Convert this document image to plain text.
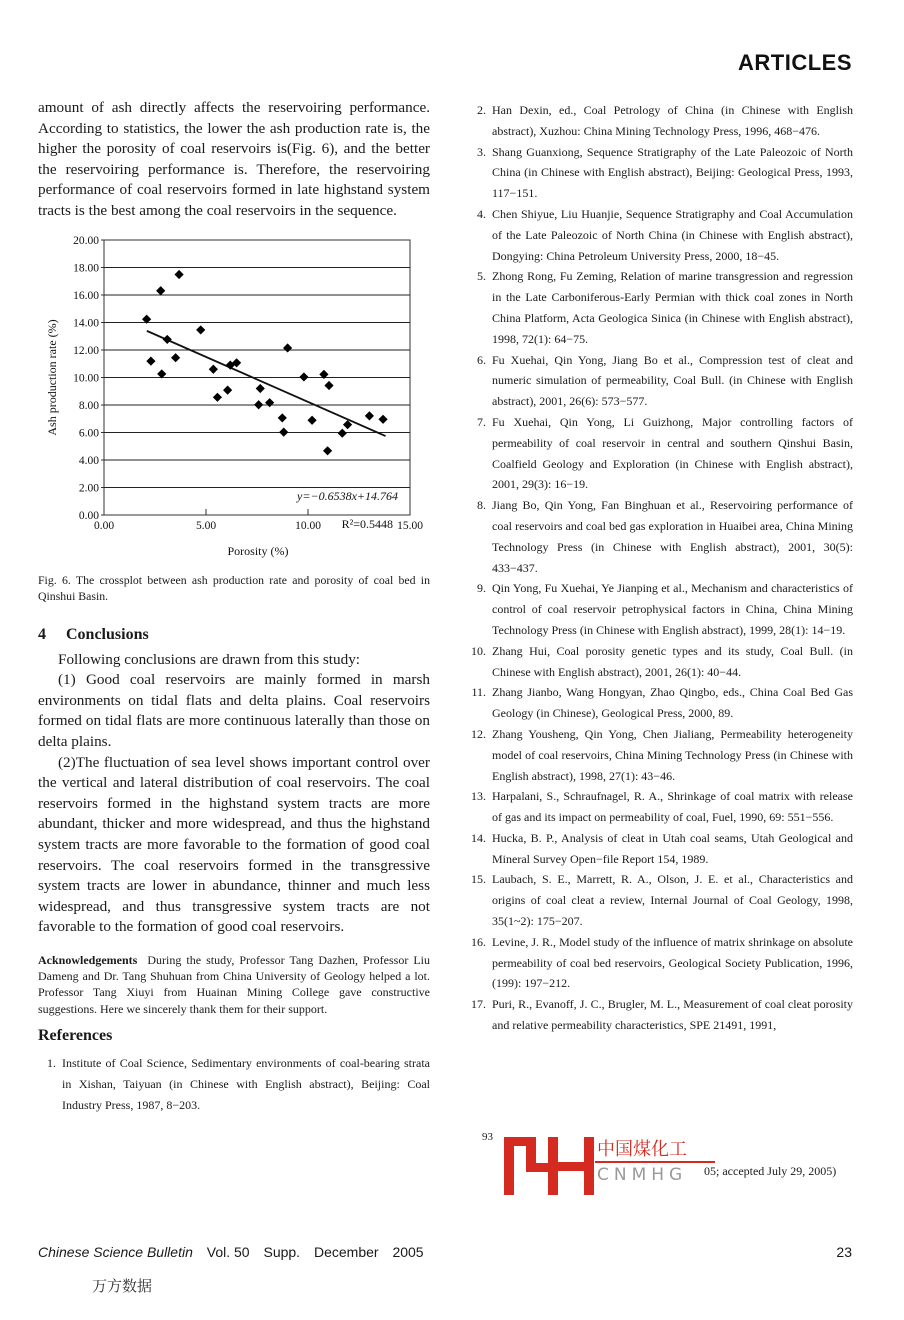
ARTICLES

amount of ash directly affects the reservoiring performance. According to statistics, the lower the ash production rate is, the higher the porosity of coal reservoirs is(Fig. 6), and the better the reservoiring performance is. Therefore, the reservoiring performance of coal reservoirs formed in late highstand system tracts is the best among the coal reservoirs in the sequence.

0.00
2.00
4.00
6.00
8.00
10.00
12.00
14.00
16.00
18.00
20.00
0.00	5.00	10.00	15.00
y=−0.6538x+14.764
R²=0.5448
Porosity (%)
Ash production rate (%)

Fig. 6. The crossplot between ash production rate and porosity of coal bed in Qinshui Basin.

4 Conclusions

Following conclusions are drawn from this study:

(1) Good coal reservoirs are mainly formed in marsh environments on tidal flats and delta plains. Coal reservoirs formed on tidal flats are more continuous laterally than those on delta plains.

(2)The fluctuation of sea level shows important control over the vertical and lateral distribution of coal reservoirs. The coal reservoirs formed in the highstand system tracts are more abundant, thicker and more widespread, and thus the highstand system tracts are more favorable to the formation of good coal reservoirs. The coal reservoirs formed in the transgressive system tracts are lower in abundance, thinner and much less widespread, and thus transgressive system tracts are not favorable to the formation of good coal reservoirs.

Acknowledgements During the study, Professor Tang Dazhen, Professor Liu Dameng and Dr. Tang Shuhuan from China University of Geology helped a lot. Professor Tang Xiuyi from Huainan Mining College gave constructive suggestions. Here we sincerely thank them for their support.

References
1. Institute of Coal Science, Sedimentary environments of coal-bearing strata in Xishan, Taiyuan (in Chinese with English abstract), Beijing: Coal Industry Press, 1987, 8−203.
2. Han Dexin, ed., Coal Petrology of China (in Chinese with English abstract), Xuzhou: China Mining Technology Press, 1996, 468−476.
3. Shang Guanxiong, Sequence Stratigraphy of the Late Paleozoic of North China (in Chinese with English abstract), Beijing: Geological Press, 1993, 117−151.
4. Chen Shiyue, Liu Huanjie, Sequence Stratigraphy and Coal Accumulation of the Late Paleozoic of North China (in Chinese with English abstract), Dongying: China Petroleum University Press, 2000, 18−45.
5. Zhong Rong, Fu Zeming, Relation of marine transgression and regression in the Late Carboniferous-Early Permian with thick coal zones in North China Platform, Acta Geologica Sinica (in Chinese with English abstract), 1998, 72(1): 64−75.
6. Fu Xuehai, Qin Yong, Jiang Bo et al., Compression test of cleat and numeric simulation of permeability, Coal Bull. (in Chinese with English abstract), 2001, 26(6): 573−577.
7. Fu Xuehai, Qin Yong, Li Guizhong, Major controlling factors of permeability of coal reservoir in central and southern Qinshui Basin, Coalfield Geology and Exploration (in Chinese with English abstract), 2001, 29(3): 16−19.
8. Jiang Bo, Qin Yong, Fan Binghuan et al., Reservoiring performance of coal reservoirs and coal bed gas exploration in Huaibei area, China Mining Technology Press (in Chinese with English abstract), 2001, 30(5): 433−437.
9. Qin Yong, Fu Xuehai, Ye Jianping et al., Mechanism and characteristics of control of coal reservoir petrophysical factors in China, China Mining Technology Press (in Chinese with English abstract), 1999, 28(1): 14−19.
10. Zhang Hui, Coal porosity genetic types and its study, Coal Bull. (in Chinese with English abstract), 2001, 26(1): 40−44.
11. Zhang Jianbo, Wang Hongyan, Zhao Qingbo, eds., China Coal Bed Gas Geology (in Chinese), Geological Press, 2000, 89.
12. Zhang Yousheng, Qin Yong, Chen Jialiang, Permeability heterogeneity model of coal reservoirs, China Mining Technology Press (in Chinese with English abstract), 1998, 27(1): 43−46.
13. Harpalani, S., Schraufnagel, R. A., Shrinkage of coal matrix with release of gas and its impact on permeability of coal, Fuel, 1990, 69: 551−556.
14. Hucka, B. P., Analysis of cleat in Utah coal seams, Utah Geological and Mineral Survey Open−file Report 154, 1989.
15. Laubach, S. E., Marrett, R. A., Olson, J. E. et al., Characteristics and origins of coal cleat a review, Internal Journal of Coal Geology, 1998, 35(1~2): 175−207.
16. Levine, J. R., Model study of the influence of matrix shrinkage on absolute permeability of coal bed reservoirs, Geological Society Publication, 1996, (199): 197−212.
17. Puri, R., Evanoff, J. C., Brugler, M. L., Measurement of coal cleat porosity and relative permeability characteristics, SPE 21491, 1991,
93
中国煤化工
CNMHG 05; accepted July 29, 2005)
Chinese Science Bulletin Vol. 50 Supp. December 2005	23
万方数据
